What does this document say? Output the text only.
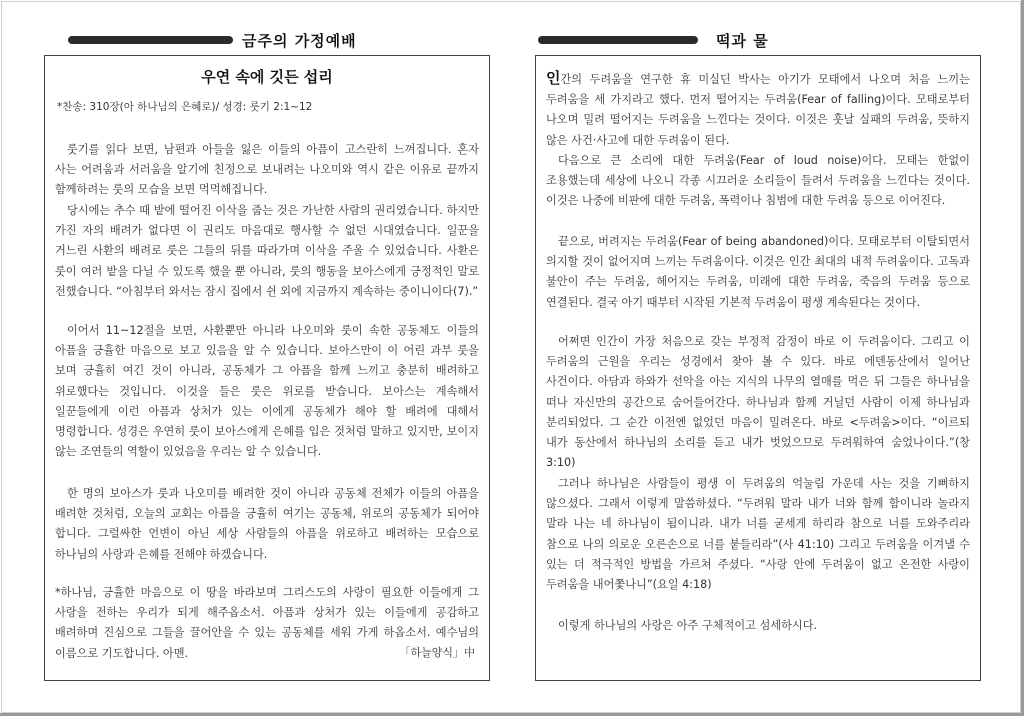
금주의 가정예배	떡과 물
우연 속에 깃든 섭리
*찬송: 310장(아 하나님의 은혜로)/ 성경: 룻기 2:1~12

룻기를 읽다 보면, 남편과 아들을 잃은 이들의 아픔이 고스란히 느껴집니다. 혼자 사는 어려움과 서러움을 알기에 친정으로 보내려는 나오미와 역시 같은 이유로 끝까지 함께하려는 룻의 모습을 보면 먹먹해집니다.

당시에는 추수 때 밭에 떨어진 이삭을 줍는 것은 가난한 사람의 권리였습니다. 하지만 가진 자의 배려가 없다면 이 권리도 마음대로 행사할 수 없던 시대였습니다. 일꾼을 거느린 사환의 배려로 룻은 그들의 뒤를 따라가며 이삭을 주울 수 있었습니다. 사환은 룻이 여러 밭을 다닐 수 있도록 했을 뿐 아니라, 룻의 행동을 보아스에게 긍정적인 말로 전했습니다. “아침부터 와서는 잠시 집에서 쉰 외에 지금까지 계속하는 중이니이다(7).”

이어서 11~12절을 보면, 사환뿐만 아니라 나오미와 룻이 속한 공동체도 이들의 아픔을 긍휼한 마음으로 보고 있음을 알 수 있습니다. 보아스만이 이 어린 과부 룻을 보며 긍휼히 여긴 것이 아니라, 공동체가 그 아픔을 함께 느끼고 충분히 배려하고 위로했다는 것입니다. 이것을 들은 룻은 위로를 받습니다. 보아스는 계속해서 일꾼들에게 이런 아픔과 상처가 있는 이에게 공동체가 해야 할 배려에 대해서 명령합니다. 성경은 우연히 룻이 보아스에게 은혜를 입은 것처럼 말하고 있지만, 보이지 않는 조연들의 역할이 있었음을 우리는 알 수 있습니다.

한 명의 보아스가 룻과 나오미를 배려한 것이 아니라 공동체 전체가 이들의 아픔을 배려한 것처럼, 오늘의 교회는 아픔을 긍휼히 여기는 공동체, 위로의 공동체가 되어야 합니다. 그럴싸한 언변이 아닌 세상 사람들의 아픔을 위로하고 배려하는 모습으로 하나님의 사랑과 은혜를 전해야 하겠습니다.

*하나님, 긍휼한 마음으로 이 땅을 바라보며 그리스도의 사랑이 필요한 이들에게 그 사랑을 전하는 우리가 되게 해주옵소서. 아픔과 상처가 있는 이들에게 공감하고 배려하며 진심으로 그들을 끌어안을 수 있는 공동체를 세워 가게 하옵소서. 예수님의 이름으로 기도합니다. 아멘.	「하늘양식」中

인간의 두려움을 연구한 휴 미실딘 박사는 아기가 모태에서 나오며 처음 느끼는 두려움을 세 가지라고 했다. 먼저 떨어지는 두려움(Fear of falling)이다. 모태로부터 나오며 밀려 떨어지는 두려움을 느낀다는 것이다. 이것은 훗날 실패의 두려움, 뜻하지 않은 사건·사고에 대한 두려움이 된다.

다음으로 큰 소리에 대한 두려움(Fear of loud noise)이다. 모태는 한없이 조용했는데 세상에 나오니 각종 시끄러운 소리들이 들려서 두려움을 느낀다는 것이다. 이것은 나중에 비판에 대한 두려움, 폭력이나 침범에 대한 두려움 등으로 이어진다.

끝으로, 버려지는 두려움(Fear of being abandoned)이다. 모태로부터 이탈되면서 의지할 것이 없어지며 느끼는 두려움이다. 이것은 인간 최대의 내적 두려움이다. 고독과 불안이 주는 두려움, 헤어지는 두려움, 미래에 대한 두려움, 죽음의 두려움 등으로 연결된다. 결국 아기 때부터 시작된 기본적 두려움이 평생 계속된다는 것이다.

어쩌면 인간이 가장 처음으로 갖는 부정적 감정이 바로 이 두려움이다. 그리고 이 두려움의 근원을 우리는 성경에서 찾아 볼 수 있다. 바로 에덴동산에서 일어난 사건이다. 아담과 하와가 선악을 아는 지식의 나무의 열매를 먹은 뒤 그들은 하나님을 떠나 자신만의 공간으로 숨어들어간다. 하나님과 함께 거닐던 사람이 이제 하나님과 분리되었다. 그 순간 이전엔 없었던 마음이 밀려온다. 바로 <두려움>이다. “이르되 내가 동산에서 하나님의 소리를 듣고 내가 벗었으므로 두려워하여 숨었나이다.”(창 3:10)

그러나 하나님은 사람들이 평생 이 두려움의 억눌림 가운데 사는 것을 기뻐하지 않으셨다. 그래서 이렇게 말씀하셨다. “두려워 말라 내가 너와 함께 함이니라 놀라지 말라 나는 네 하나님이 됨이니라. 내가 너를 굳세게 하리라 참으로 너를 도와주리라 참으로 나의 의로운 오른손으로 너를 붙들리라”(사 41:10) 그리고 두려움을 이겨낼 수 있는 더 적극적인 방법을 가르쳐 주셨다. “사랑 안에 두려움이 없고 온전한 사랑이 두려움을 내어쫓나니”(요일 4:18)

이렇게 하나님의 사랑은 아주 구체적이고 섬세하시다.
